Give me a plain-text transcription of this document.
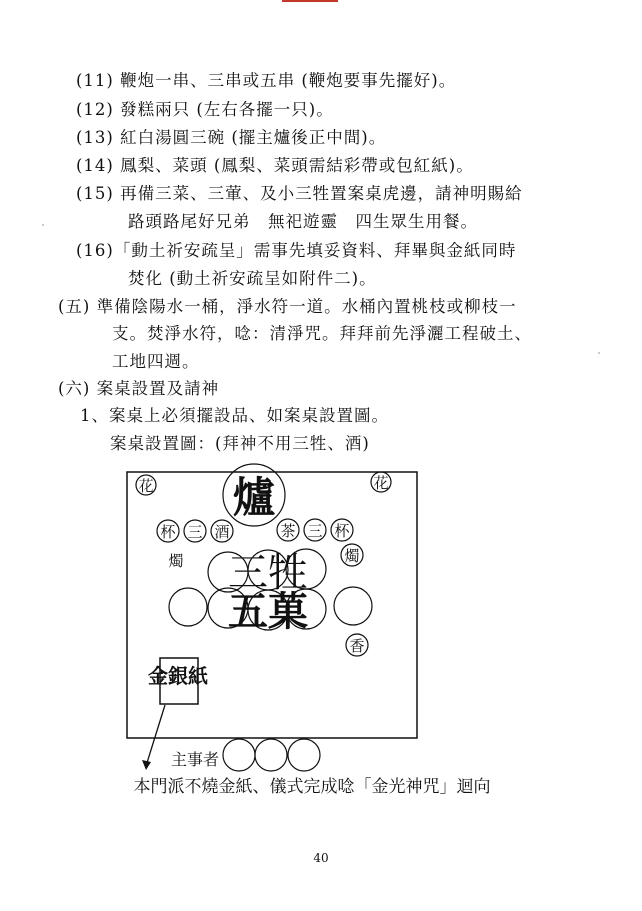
(11) 鞭炮一串、三串或五串 (鞭炮要事先擺好)。
(12) 發糕兩只 (左右各擺一只)。
(13) 紅白湯圓三碗 (擺主爐後正中間)。
(14) 鳳梨、菜頭 (鳳梨、菜頭需結彩帶或包紅紙)。
(15) 再備三菜、三葷、及小三牲置案桌虎邊，請神明賜給
路頭路尾好兄弟　無祀遊靈　四生眾生用餐。
(16)「動土祈安疏呈」需事先填妥資料、拜畢與金紙同時
焚化 (動土祈安疏呈如附件二)。
(五) 準備陰陽水一桶，淨水符一道。水桶內置桃枝或柳枝一
支。焚淨水符，唸：清淨咒。拜拜前先淨灑工程破土、
工地四週。
(六) 案桌設置及請神
1、案桌上必須擺設品、如案桌設置圖。
案桌設置圖：(拜神不用三牲、酒)
花	花
爐
杯 三 酒	茶 三 杯
燭	燭
三牲
五菓
香
金銀紙
主事者
本門派不燒金紙、儀式完成唸「金光神咒」迴向
40
